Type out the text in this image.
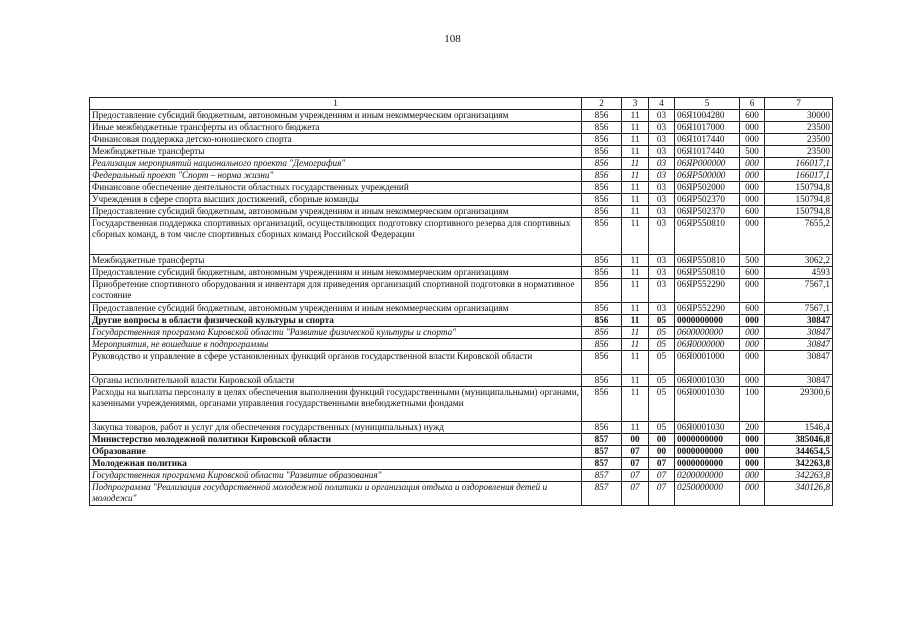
108
1	2	3	4	5	6	7
Предоставление субсидий бюджетным, автономным учреждениям и иным некоммерческим организациям	856	11	03	06Я1004280	600	30000
Иные межбюджетные трансферты из областного бюджета	856	11	03	06Я1017000	000	23500
Финансовая поддержка детско-юношеского спорта	856	11	03	06Я1017440	000	23500
Межбюджетные трансферты	856	11	03	06Я1017440	500	23500
Реализация мероприятий национального проекта "Демография"	856	11	03	06ЯР000000	000	166017,1
Федеральный проект "Спорт – норма жизни"	856	11	03	06ЯР500000	000	166017,1
Финансовое обеспечение деятельности областных государственных учреждений	856	11	03	06ЯР502000	000	150794,8
Учреждения в сфере спорта высших достижений, сборные команды	856	11	03	06ЯР502370	000	150794,8
Предоставление субсидий бюджетным, автономным учреждениям и иным некоммерческим организациям	856	11	03	06ЯР502370	600	150794,8
Государственная поддержка спортивных организаций, осуществляющих подготовку спортивного резерва для спортивных сборных команд, в том числе спортивных сборных команд Российской Федерации	856	11	03	06ЯР550810	000	7655,2
Межбюджетные трансферты	856	11	03	06ЯР550810	500	3062,2
Предоставление субсидий бюджетным, автономным учреждениям и иным некоммерческим организациям	856	11	03	06ЯР550810	600	4593
Приобретение спортивного оборудования и инвентаря для приведения организаций спортивной подготовки в нормативное состояние	856	11	03	06ЯР552290	000	7567,1
Предоставление субсидий бюджетным, автономным учреждениям и иным некоммерческим организациям	856	11	03	06ЯР552290	600	7567,1
Другие вопросы в области физической культуры и спорта	856	11	05	0000000000	000	30847
Государственная программа Кировской области "Развитие физической культуры и спорта"	856	11	05	0600000000	000	30847
Мероприятия, не вошедшие в подпрограммы	856	11	05	06Я0000000	000	30847
Руководство и управление в сфере установленных функций органов государственной власти Кировской области	856	11	05	06Я0001000	000	30847
Органы исполнительной власти Кировской области	856	11	05	06Я0001030	000	30847
Расходы на выплаты персоналу в целях обеспечения выполнения функций государственными (муниципальными) органами, казенными учреждениями, органами управления государственными внебюджетными фондами	856	11	05	06Я0001030	100	29300,6
Закупка товаров, работ и услуг для обеспечения государственных (муниципальных) нужд	856	11	05	06Я0001030	200	1546,4
Министерство молодежной политики Кировской области	857	00	00	0000000000	000	385046,8
Образование	857	07	00	0000000000	000	344654,5
Молодежная политика	857	07	07	0000000000	000	342263,8
Государственная программа Кировской области "Развитие образования"	857	07	07	0200000000	000	342263,8
Подпрограмма "Реализация государственной молодежной политики и организация отдыха и оздоровления детей и молодежи"	857	07	07	0250000000	000	340126,8
